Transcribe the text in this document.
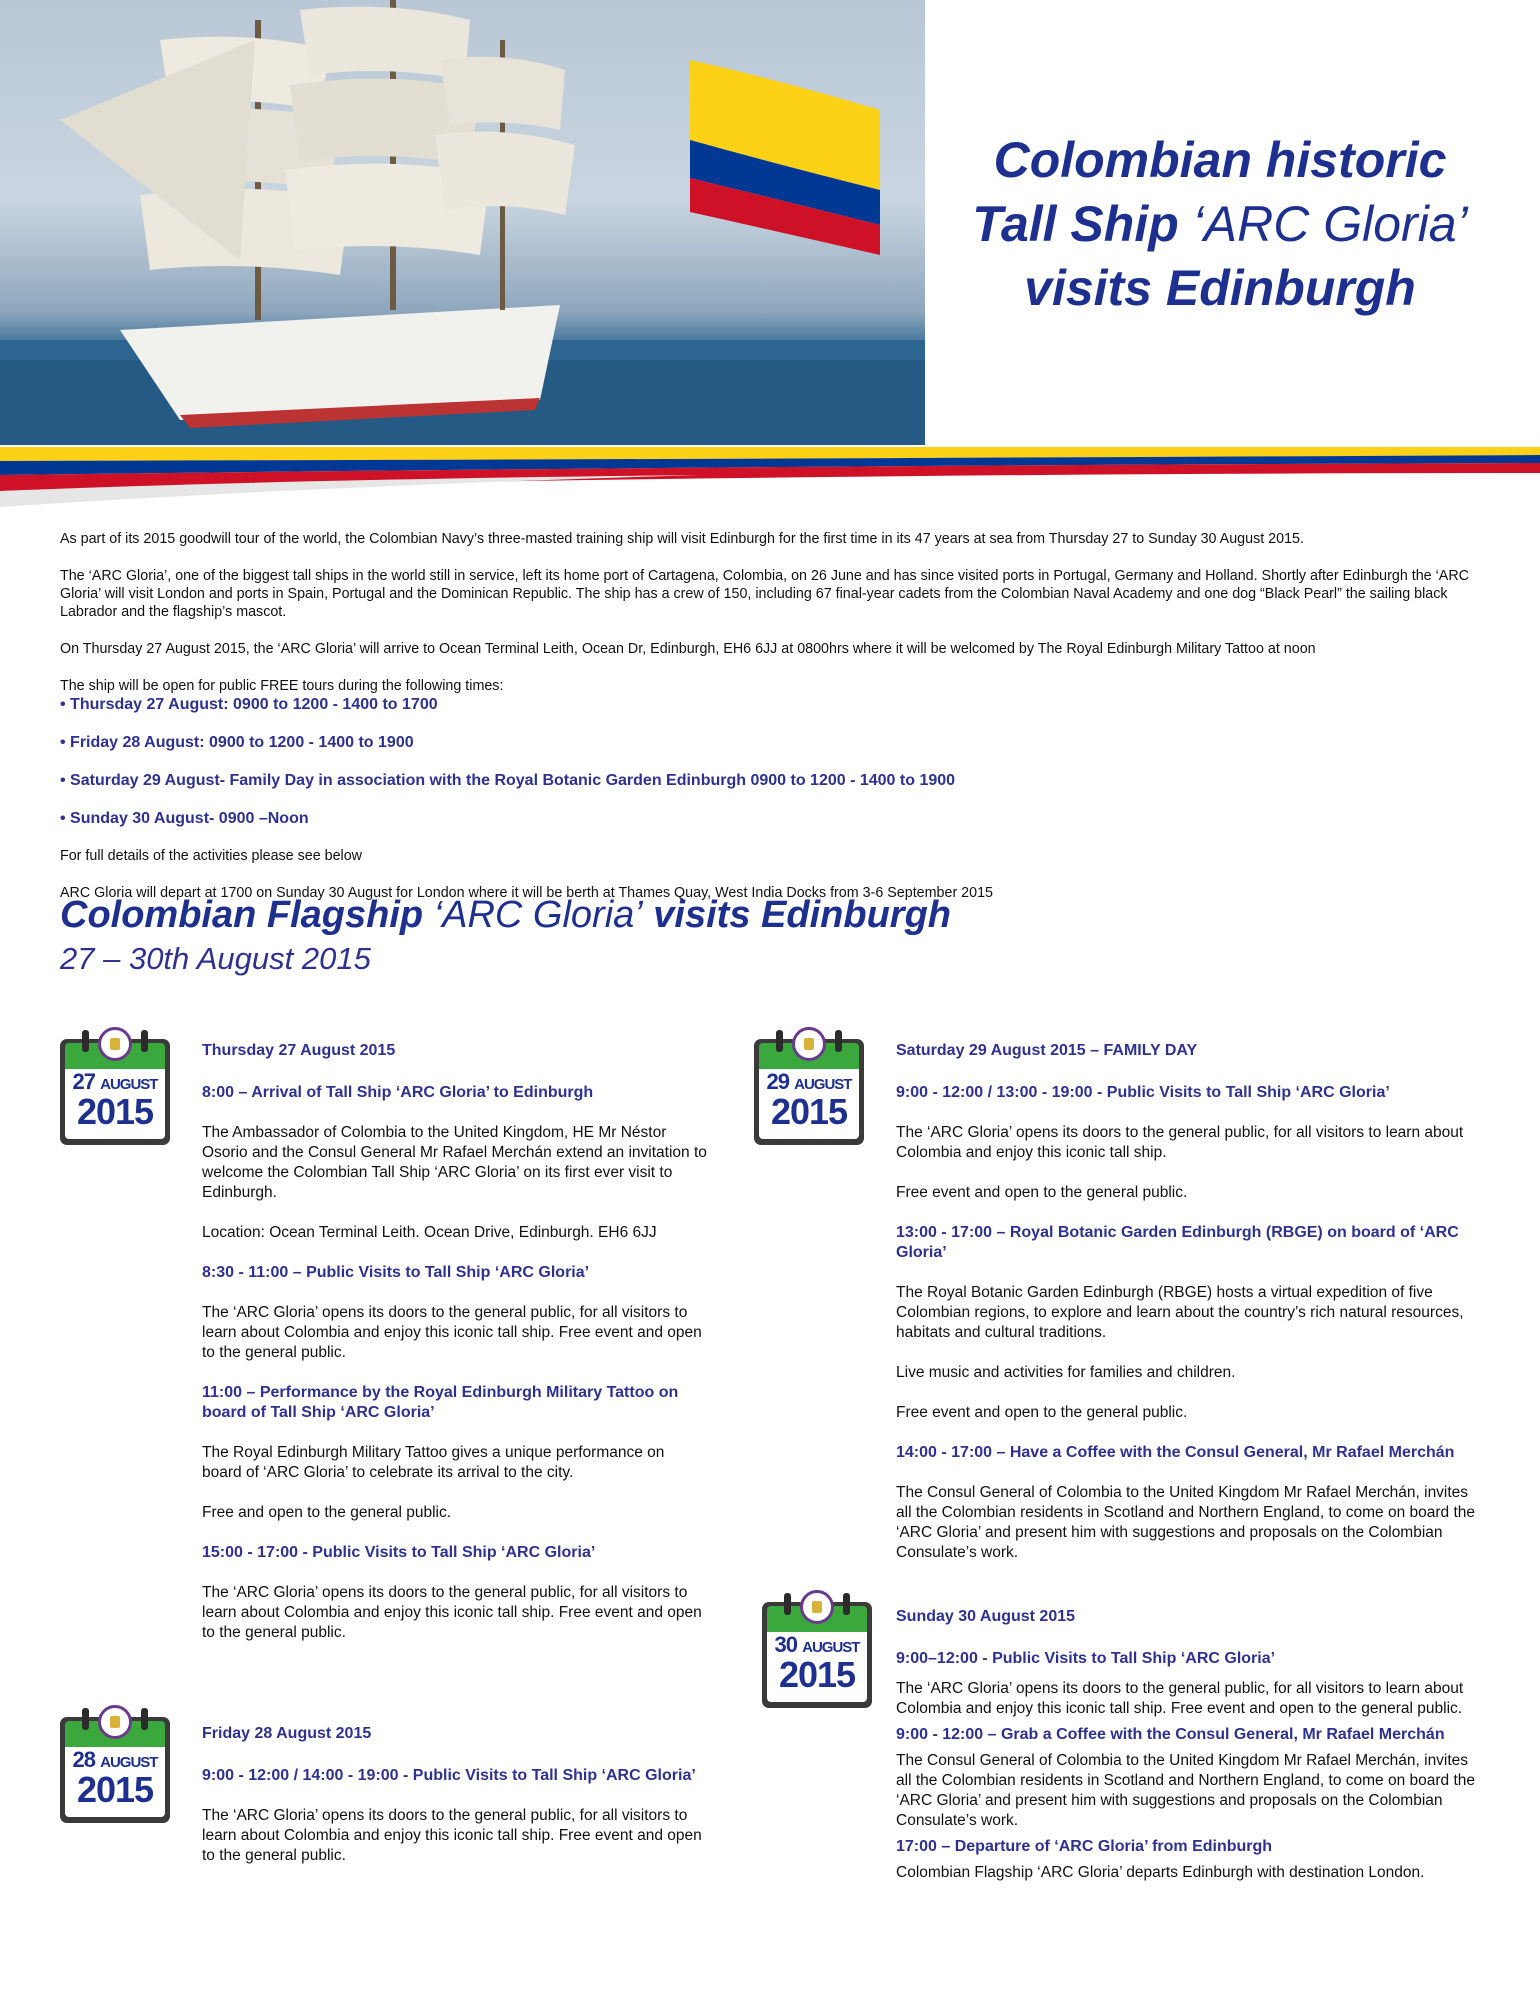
Colombian historic
Tall Ship ‘ARC Gloria’
visits Edinburgh

As part of its 2015 goodwill tour of the world, the Colombian Navy’s three-masted training ship will visit Edinburgh for the first time in its 47 years at sea from Thursday 27 to Sunday 30 August 2015.

The ‘ARC Gloria’, one of the biggest tall ships in the world still in service, left its home port of Cartagena, Colombia, on 26 June and has since visited ports in Portugal, Germany and Holland. Shortly after Edinburgh the ‘ARC Gloria’ will visit London and ports in Spain, Portugal and the Dominican Republic. The ship has a crew of 150, including 67 final-year cadets from the Colombian Naval Academy and one dog “Black Pearl” the sailing black Labrador and the flagship’s mascot.

On Thursday 27 August 2015, the ‘ARC Gloria’ will arrive to Ocean Terminal Leith, Ocean Dr, Edinburgh, EH6 6JJ at 0800hrs where it will be welcomed by The Royal Edinburgh Military Tattoo at noon

The ship will be open for public FREE tours during the following times:

• Thursday 27 August: 0900 to 1200 - 1400 to 1700

• Friday 28 August: 0900 to 1200 - 1400 to 1900

• Saturday 29 August- Family Day in association with the Royal Botanic Garden Edinburgh 0900 to 1200 - 1400 to 1900

• Sunday 30 August- 0900 –Noon

For full details of the activities please see below

ARC Gloria will depart at 1700 on Sunday 30 August for London where it will be berth at Thames Quay, West India Docks from 3-6 September 2015

Colombian Flagship ‘ARC Gloria’ visits Edinburgh
27 – 30th August 2015
27 AUGUST
2015
28 AUGUST
2015
29 AUGUST
2015
30 AUGUST
2015
Thursday 27 August 2015
8:00 – Arrival of Tall Ship ‘ARC Gloria’ to Edinburgh

The Ambassador of Colombia to the United Kingdom, HE Mr Néstor Osorio and the Consul General Mr Rafael Merchán extend an invitation to welcome the Colombian Tall Ship ‘ARC Gloria’ on its first ever visit to Edinburgh.

Location: Ocean Terminal Leith. Ocean Drive, Edinburgh. EH6 6JJ

8:30 - 11:00 – Public Visits to Tall Ship ‘ARC Gloria’

The ‘ARC Gloria’ opens its doors to the general public, for all visitors to learn about Colombia and enjoy this iconic tall ship. Free event and open to the general public.

11:00 – Performance by the Royal Edinburgh Military Tattoo on board of Tall Ship ‘ARC Gloria’

The Royal Edinburgh Military Tattoo gives a unique performance on board of ‘ARC Gloria’ to celebrate its arrival to the city.

Free and open to the general public.

15:00 - 17:00 - Public Visits to Tall Ship ‘ARC Gloria’

The ‘ARC Gloria’ opens its doors to the general public, for all visitors to learn about Colombia and enjoy this iconic tall ship. Free event and open to the general public.

Friday 28 August 2015
9:00 - 12:00 / 14:00 - 19:00 - Public Visits to Tall Ship ‘ARC Gloria’

The ‘ARC Gloria’ opens its doors to the general public, for all visitors to learn about Colombia and enjoy this iconic tall ship. Free event and open to the general public.

Saturday 29 August 2015 – FAMILY DAY
9:00 - 12:00 / 13:00 - 19:00 - Public Visits to Tall Ship ‘ARC Gloria’

The ‘ARC Gloria’ opens its doors to the general public, for all visitors to learn about Colombia and enjoy this iconic tall ship.

Free event and open to the general public.

13:00 - 17:00 – Royal Botanic Garden Edinburgh (RBGE) on board of ‘ARC Gloria’

The Royal Botanic Garden Edinburgh (RBGE) hosts a virtual expedition of five Colombian regions, to explore and learn about the country’s rich natural resources, habitats and cultural traditions.

Live music and activities for families and children.

Free event and open to the general public.

14:00 - 17:00 – Have a Coffee with the Consul General, Mr Rafael Merchán

The Consul General of Colombia to the United Kingdom Mr Rafael Merchán, invites all the Colombian residents in Scotland and Northern England, to come on board the ‘ARC Gloria’ and present him with suggestions and proposals on the Colombian Consulate’s work.

Sunday 30 August 2015
9:00–12:00 - Public Visits to Tall Ship ‘ARC Gloria’

The ‘ARC Gloria’ opens its doors to the general public, for all visitors to learn about Colombia and enjoy this iconic tall ship. Free event and open to the general public.

9:00 - 12:00 – Grab a Coffee with the Consul General, Mr Rafael Merchán

The Consul General of Colombia to the United Kingdom Mr Rafael Merchán, invites all the Colombian residents in Scotland and Northern England, to come on board the ‘ARC Gloria’ and present him with suggestions and proposals on the Colombian Consulate’s work.

17:00 – Departure of ‘ARC Gloria’ from Edinburgh

Colombian Flagship ‘ARC Gloria’ departs Edinburgh with destination London.
